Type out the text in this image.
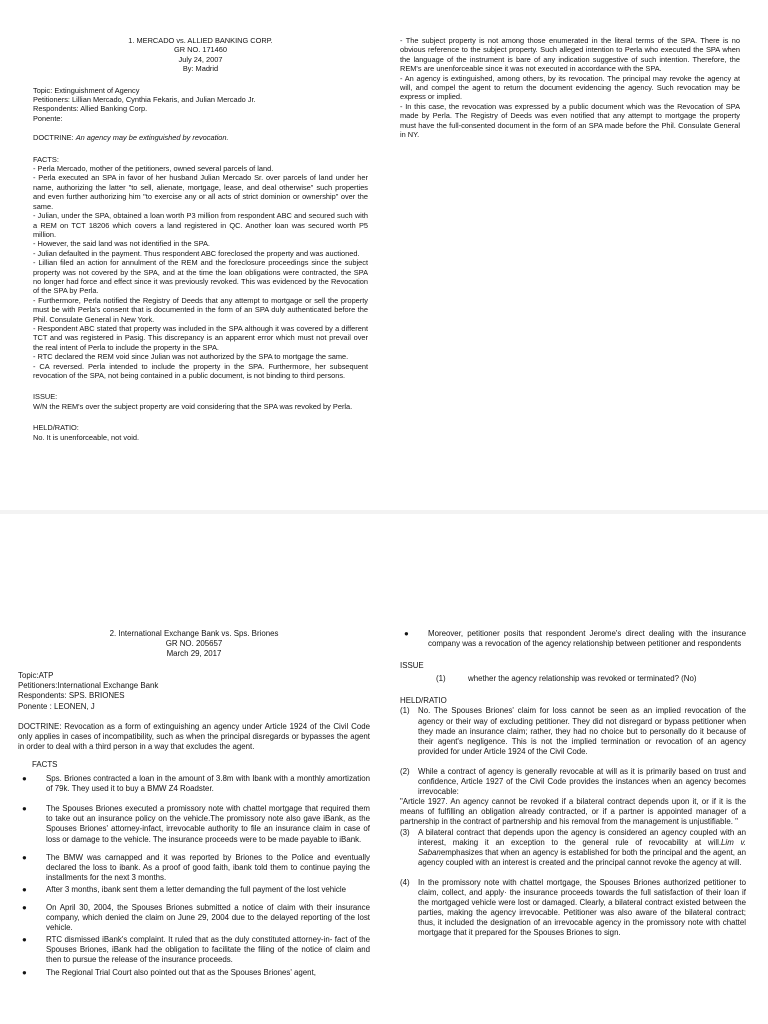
1. MERCADO vs. ALLIED BANKING CORP.
GR NO. 171460
July 24, 2007
By: Madrid
Topic: Extinguishment of Agency
Petitioners: Lillian Mercado, Cynthia Fekaris, and Julian Mercado Jr.
Respondents: Allied Banking Corp.
Ponente:
DOCTRINE: An agency may be extinguished by revocation.
FACTS:

- Perla Mercado, mother of the petitioners, owned several parcels of land.

- Perla executed an SPA in favor of her husband Julian Mercado Sr. over parcels of land under her name, authorizing the latter "to sell, alienate, mortgage, lease, and deal otherwise" such properties and even further authorizing him "to exercise any or all acts of strict dominion or ownership" over the same.

- Julian, under the SPA, obtained a loan worth P3 million from respondent ABC and secured such with a REM on TCT 18206 which covers a land registered in QC. Another loan was secured worth P5 million.

- However, the said land was not identified in the SPA.

- Julian defaulted in the payment. Thus respondent ABC foreclosed the property and was auctioned.

- Lillian filed an action for annulment of the REM and the foreclosure proceedings since the subject property was not covered by the SPA, and at the time the loan obligations were contracted, the SPA no longer had force and effect since it was previously revoked. This was evidenced by the Revocation of the SPA by Perla.

- Furthermore, Perla notified the Registry of Deeds that any attempt to mortgage or sell the property must be with Perla's consent that is documented in the form of an SPA duly authenticated before the Phil. Consulate General in New York.

- Respondent ABC stated that property was included in the SPA although it was covered by a different TCT and was registered in Pasig. This discrepancy is an apparent error which must not prevail over the real intent of Perla to include the property in the SPA.

- RTC declared the REM void since Julian was not authorized by the SPA to mortgage the same.

- CA reversed. Perla intended to include the property in the SPA. Furthermore, her subsequent revocation of the SPA, not being contained in a public document, is not binding to third persons.

ISSUE:

W/N the REM's over the subject property are void considering that the SPA was revoked by Perla.

HELD/RATIO:

No. It is unenforceable, not void.

- The subject property is not among those enumerated in the literal terms of the SPA. There is no obvious reference to the subject property. Such alleged intention to Perla who executed the SPA when the language of the instrument is bare of any indication suggestive of such intention. Therefore, the REM's are unenforceable since it was not executed in accordance with the SPA.

- An agency is extinguished, among others, by its revocation. The principal may revoke the agency at will, and compel the agent to return the document evidencing the agency. Such revocation may be express or implied.

- In this case, the revocation was expressed by a public document which was the Revocation of SPA made by Perla. The Registry of Deeds was even notified that any attempt to mortgage the property must have the full-consented document in the form of an SPA made before the Phil. Consulate General in NY.

2. International Exchange Bank vs. Sps. Briones
GR NO. 205657
March 29, 2017
Topic:ATP
Petitioners:International Exchange Bank
Respondents: SPS. BRIONES
Ponente : LEONEN, J

DOCTRINE: Revocation as a form of extinguishing an agency under Article 1924 of the Civil Code only applies in cases of incompatibility, such as when the principal disregards or bypasses the agent in order to deal with a third person in a way that excludes the agent.

FACTS
● Sps. Briones contracted a loan in the amount of 3.8m with Ibank with a monthly amortization of 79k. They used it to buy a BMW Z4 Roadster.

● The Spouses Briones executed a promissory note with chattel mortgage that required them to take out an insurance policy on the vehicle.The promissory note also gave iBank, as the Spouses Briones' attorney-infact, irrevocable authority to file an insurance claim in case of loss or damage to the vehicle. The insurance proceeds were to be made payable to iBank.

● The BMW was carnapped and it was reported by Briones to the Police and eventually declared the loss to ibank. As a proof of good faith, ibank told them to continue paying the installments for the next 3 months.

● After 3 months, ibank sent them a letter demanding the full payment of the lost vehicle

● On April 30, 2004, the Spouses Briones submitted a notice of claim with their insurance company, which denied the claim on June 29, 2004 due to the delayed reporting of the lost vehicle.

● RTC dismissed iBank's complaint. It ruled that as the duly constituted attorney-in- fact of the Spouses Briones, iBank had the obligation to facilitate the filing of the notice of claim and then to pursue the release of the insurance proceeds.

● The Regional Trial Court also pointed out that as the Spouses Briones' agent,

● Moreover, petitioner posits that respondent Jerome's direct dealing with the insurance company was a revocation of the agency relationship between petitioner and respondents

ISSUE
(1)	whether the agency relationship was revoked or terminated? (No)
HELD/RATIO
(1) No. The Spouses Briones' claim for loss cannot be seen as an implied revocation of the agency or their way of excluding petitioner. They did not disregard or bypass petitioner when they made an insurance claim; rather, they had no choice but to personally do it because of their agent's negligence. This is not the implied termination or revocation of an agency provided for under Article 1924 of the Civil Code.

(2) While a contract of agency is generally revocable at will as it is primarily based on trust and confidence, Article 1927 of the Civil Code provides the instances when an agency becomes irrevocable:

"Article 1927. An agency cannot be revoked if a bilateral contract depends upon it, or if it is the means of fulfilling an obligation already contracted, or if a partner is appointed manager of a partnership in the contract of partnership and his removal from the management is unjustifiable. "

(3) A bilateral contract that depends upon the agency is considered an agency coupled with an interest, making it an exception to the general rule of revocability at will.Lim v. Sabanemphasizes that when an agency is established for both the principal and the agent, an agency coupled with an interest is created and the principal cannot revoke the agency at will.

(4) In the promissory note with chattel mortgage, the Spouses Briones authorized petitioner to claim, collect, and apply· the insurance proceeds towards the full satisfaction of their loan if the mortgaged vehicle were lost or damaged. Clearly, a bilateral contract existed between the parties, making the agency irrevocable. Petitioner was also aware of the bilateral contract; thus, it included the designation of an irrevocable agency in the promissory note with chattel mortgage that it prepared for the Spouses Briones to sign.
